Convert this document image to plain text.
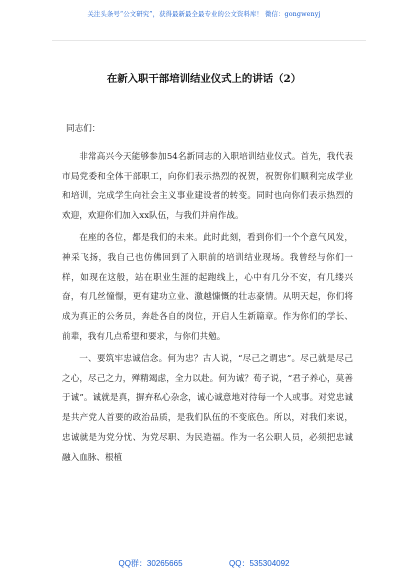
关注头条号“公文研究”，获得最新最全最专业的公文资料库！ 微信：gongwenyj
在新入职干部培训结业仪式上的讲话（2）

同志们：

非常高兴今天能够参加54名新同志的入职培训结业仪式。首先，我代表市局党委和全体干部职工，向你们表示热烈的祝贺，祝贺你们顺利完成学业和培训，完成学生向社会主义事业建设者的转变。同时也向你们表示热烈的欢迎，欢迎你们加入xx队伍，与我们并肩作战。

在座的各位，都是我们的未来。此时此刻，看到你们一个个意气风发，神采飞扬，我自己也仿佛回到了入职前的培训结业现场。我曾经与你们一样，如现在这般，站在职业生涯的起跑线上，心中有几分不安，有几缕兴奋，有几丝憧憬，更有建功立业、激越慷慨的壮志豪情。从明天起，你们将成为真正的公务员，奔赴各自的岗位，开启人生新篇章。作为你们的学长、前辈，我有几点希望和要求，与你们共勉。

一、要筑牢忠诚信念。何为忠？古人说，“尽己之谓忠”。尽己就是尽己之心，尽己之力，殚精竭虑，全力以赴。何为诚？荀子说，“君子养心，莫善于诚”。诚就是真，摒弃私心杂念，诚心诚意地对待每一个人或事。对党忠诚是共产党人首要的政治品质，是我们队伍的不变底色。所以，对我们来说，忠诚就是为党分忧、为党尽职、为民造福。作为一名公职人员，必须把忠诚融入血脉、根植

QQ群：30265665	QQ：535304092
